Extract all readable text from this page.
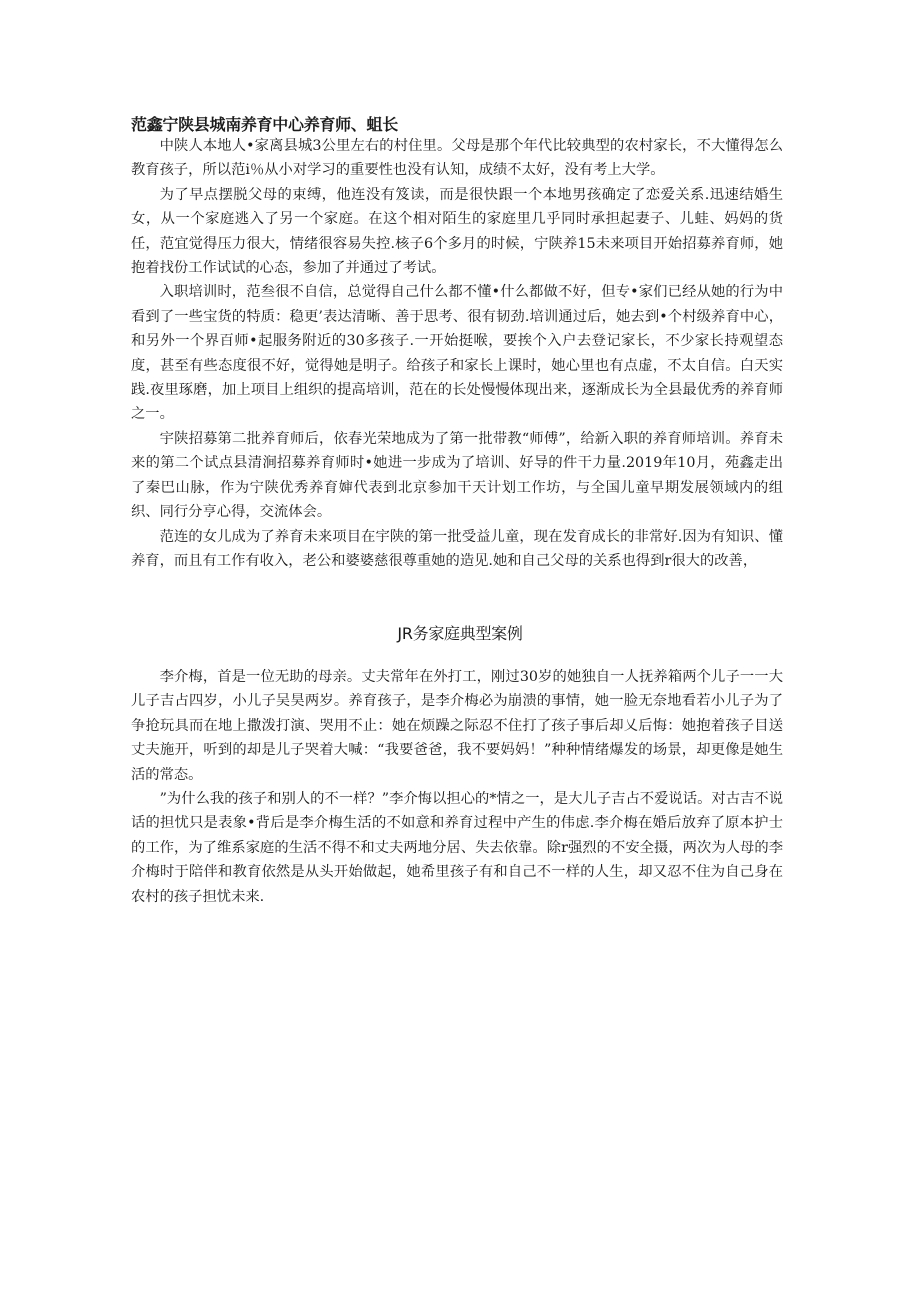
范鑫宁陕县城南养育中心养育师、蛆长

中陕人本地人•家离县城3公里左右的村住里。父母是那个年代比较典型的农村家长，不大懂得怎么教育孩子，所以范i％从小对学习的重要性也没有认知，成绩不太好，没有考上大学。

为了早点摆脱父母的束缚，他连没有笈读，而是很快跟一个本地男孩确定了恋爱关系.迅速结婚生女，从一个家庭逃入了另一个家庭。在这个相对陌生的家庭里几乎同时承担起妻子、儿蛙、妈妈的货任，范宜觉得压力很大，情绪很容易失控.核子6个多月的时候，宁陕养15未来项目开始招募养育师，她抱着找份工作试试的心态，参加了并通过了考试。

入职培训时，范叁很不自信，总觉得自己什么都不懂•什么都做不好，但专•家们已经从她的行为中看到了一些宝货的特质：稳更’表达清晰、善于思考、很有韧劲.培训通过后，她去到•个村级养育中心，和另外一个界百师•起服务附近的30多孩子.一开始挺喉，要挨个入户去登记家长，不少家长持观望态度，甚至有些态度很不好，觉得她是明子。给孩子和家长上课时，她心里也有点虚，不太自信。白天实践.夜里琢磨，加上项目上组织的提高培训，范在的长处慢慢体现出来，逐渐成长为全县最优秀的养育师之一。

宇陕招募第二批养育师后，依春光荣地成为了第一批带教“师傅”，给新入职的养育师培训。养育未来的第二个试点县清涧招募养育师时•她进一步成为了培训、好导的件干力量.2019年10月，苑鑫走出了秦巴山脉，作为宁陕优秀养育婶代表到北京参加干天计划工作坊，与全国儿童早期发展领域内的组织、同行分亨心得，交流体会。

范连的女儿成为了养育未来项目在宇陕的第一批受益儿童，现在发育成长的非常好.因为有知识、懂养育，而且有工作有收入，老公和婆婆慈很尊重她的造见.她和自己父母的关系也得到r很大的改善，

JR务家庭典型案例

李介梅，首是一位无助的母亲。丈夫常年在外打工，刚过30岁的她独自一人抚养箱两个儿子一一大儿子吉占四岁，小儿子吴昊两岁。养育孩子，是李介梅必为崩溃的事情，她一脸无奈地看若小儿子为了争抢玩具而在地上撒泼打演、哭用不止：她在烦躁之际忍不住打了孩子事后却乂后悔：她抱着孩子目送丈夫施开，听到的却是儿子哭着大喊：“我要爸爸，我不要妈妈！”种种情绪爆发的场景，却更像是她生活的常态。

”为什么我的孩子和别人的不一样？”李介悔以担心的*情之一，是大儿子吉占不爱说话。对古吉不说话的担忧只是表象•背后是李介梅生活的不如意和养育过程中产生的伟虑.李介梅在婚后放弃了原本护士的工作，为了维系家庭的生活不得不和丈夫两地分居、失去依靠。除r强烈的不安全摄，两次为人母的李介梅时于陪伴和教育依然是从头开始做起，她希里孩子有和自己不一样的人生，却又忍不住为自己身在农村的孩子担忧未来.
